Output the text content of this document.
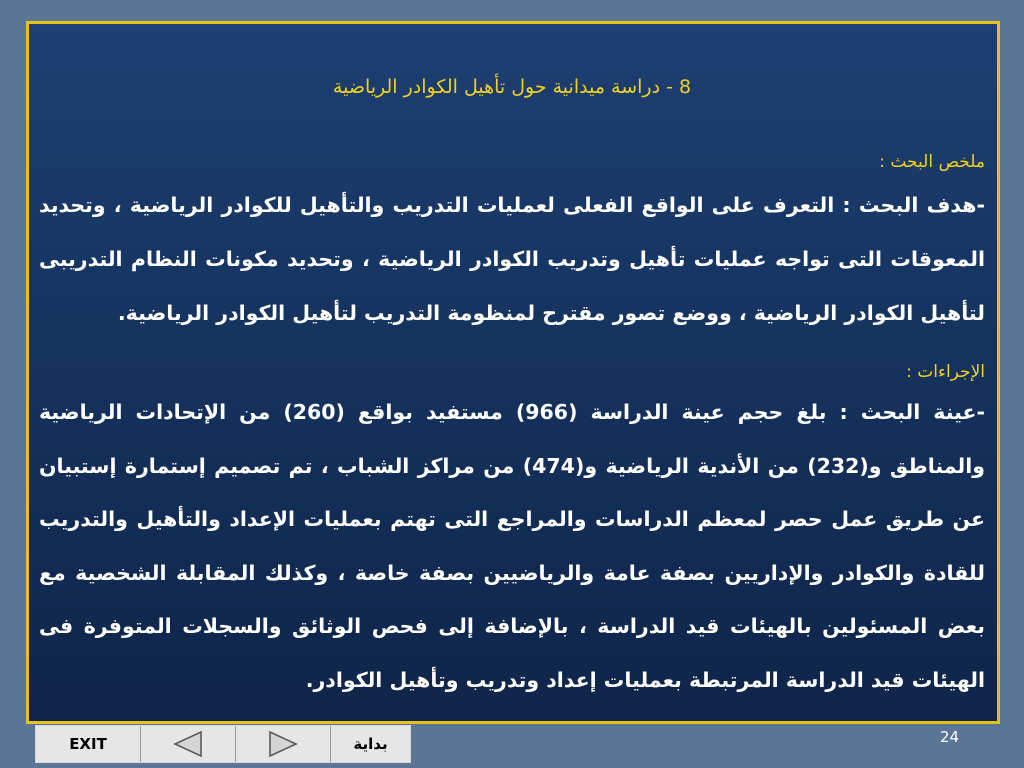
8 - دراسة ميدانية حول تأهيل الكوادر الرياضية
ملخص البحث :
-هدف البحث : التعرف على الواقع الفعلى لعمليات التدريب والتأهيل للكوادر الرياضية ، وتحديد المعوقات التى تواجه عمليات تأهيل وتدريب الكوادر الرياضية ، وتحديد مكونات النظام التدريبى لتأهيل الكوادر الرياضية ، ووضع تصور مقترح لمنظومة التدريب لتأهيل الكوادر الرياضية.
الإجراءات :
-عينة البحث : بلغ حجم عينة الدراسة (966) مستفيد بواقع (260) من الإتحادات الرياضية والمناطق و(232) من الأندية الرياضية و(474) من مراكز الشباب ، تم تصميم إستمارة إستبيان عن طريق عمل حصر لمعظم الدراسات والمراجع التى تهتم بعمليات الإعداد والتأهيل والتدريب للقادة والكوادر والإداريين بصفة عامة والرياضيين بصفة خاصة ، وكذلك المقابلة الشخصية مع بعض المسئولين بالهيئات قيد الدراسة ، بالإضافة إلى فحص الوثائق والسجلات المتوفرة فى الهيئات قيد الدراسة المرتبطة بعمليات إعداد وتدريب وتأهيل الكوادر.
24
EXIT	بداية
